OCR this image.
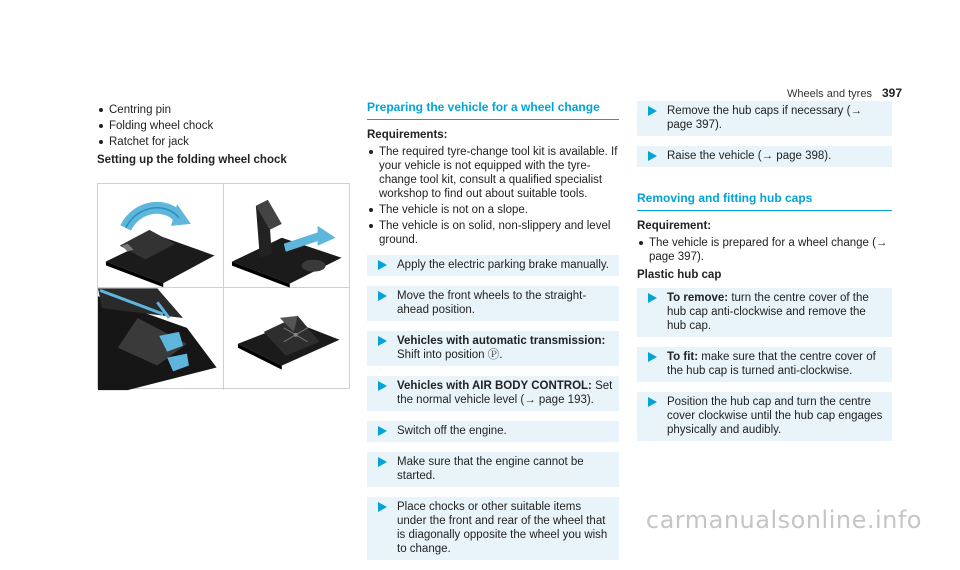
Wheels and tyres 397
Centring pin
Folding wheel chock
Ratchet for jack
Setting up the folding wheel chock
Preparing the vehicle for a wheel change
Requirements:
The required tyre-change tool kit is available. If your vehicle is not equipped with the tyre-change tool kit, consult a qualified specialist workshop to find out about suitable tools.
The vehicle is not on a slope.
The vehicle is on solid, non-slippery and level ground.
Apply the electric parking brake manually.
Move the front wheels to the straight-ahead position.
Vehicles with automatic transmission:
Shift into position Ⓟ.
Vehicles with AIR BODY CONTROL: Set the normal vehicle level (→ page 193).
Switch off the engine.
Make sure that the engine cannot be started.
Place chocks or other suitable items under the front and rear of the wheel that is diagonally opposite the wheel you wish to change.
Remove the hub caps if necessary (→ page 397).
Raise the vehicle (→ page 398).
Removing and fitting hub caps
Requirement:
The vehicle is prepared for a wheel change (→ page 397).
Plastic hub cap
To remove: turn the centre cover of the hub cap anti-clockwise and remove the hub cap.
To fit: make sure that the centre cover of the hub cap is turned anti-clockwise.
Position the hub cap and turn the centre cover clockwise until the hub cap engages physically and audibly.
carmanualsonline.info
